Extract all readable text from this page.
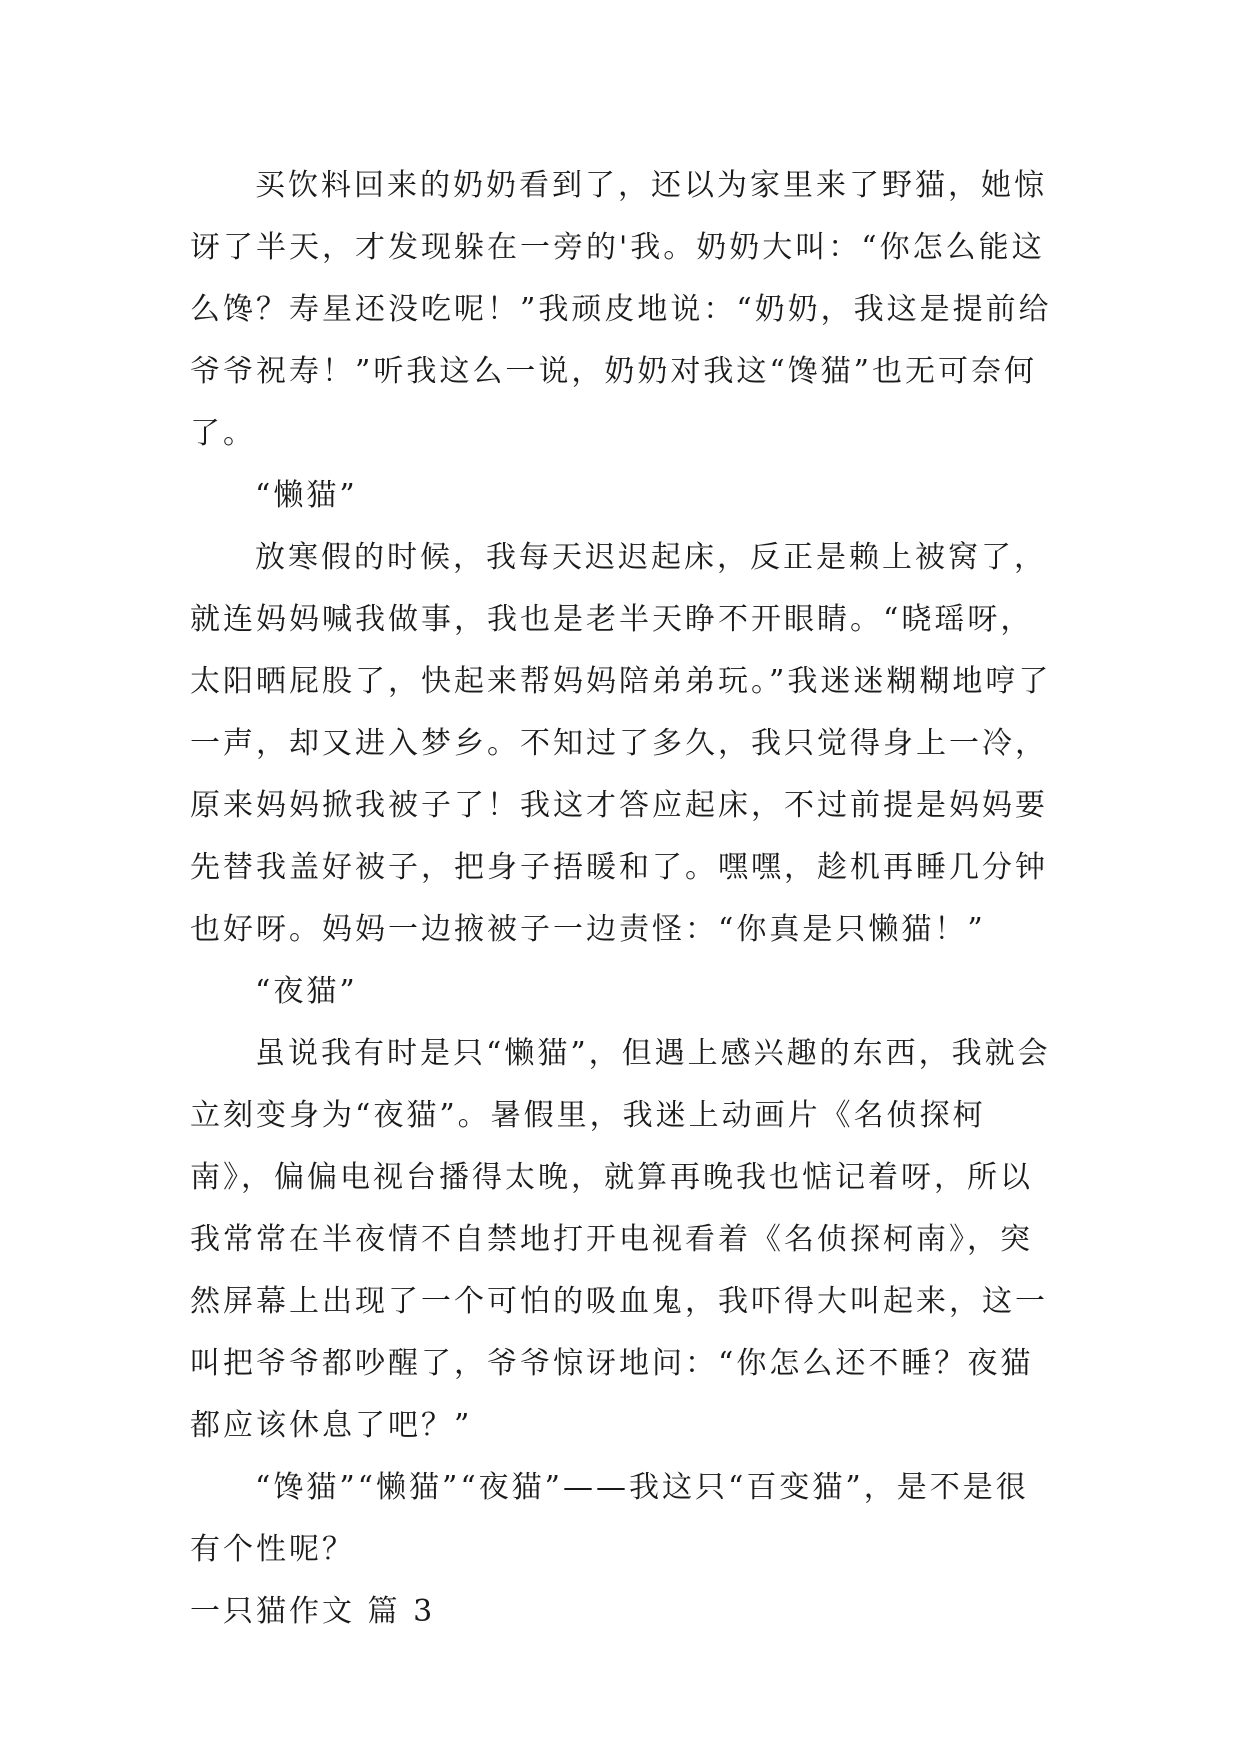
买饮料回来的奶奶看到了，还以为家里来了野猫，她惊讶了半天，才发现躲在一旁的'我。奶奶大叫：“你怎么能这么馋？寿星还没吃呢！”我顽皮地说：“奶奶，我这是提前给爷爷祝寿！”听我这么一说，奶奶对我这“馋猫”也无可奈何了。

“懒猫”

放寒假的时候，我每天迟迟起床，反正是赖上被窝了，就连妈妈喊我做事，我也是老半天睁不开眼睛。“晓瑶呀，太阳晒屁股了，快起来帮妈妈陪弟弟玩。”我迷迷糊糊地哼了一声，却又进入梦乡。不知过了多久，我只觉得身上一冷，原来妈妈掀我被子了！我这才答应起床，不过前提是妈妈要先替我盖好被子，把身子捂暖和了。嘿嘿，趁机再睡几分钟也好呀。妈妈一边掖被子一边责怪：“你真是只懒猫！”

“夜猫”

虽说我有时是只“懒猫”，但遇上感兴趣的东西，我就会立刻变身为“夜猫”。暑假里，我迷上动画片《名侦探柯南》，偏偏电视台播得太晚，就算再晚我也惦记着呀，所以我常常在半夜情不自禁地打开电视看着《名侦探柯南》，突然屏幕上出现了一个可怕的吸血鬼，我吓得大叫起来，这一叫把爷爷都吵醒了，爷爷惊讶地问：“你怎么还不睡？夜猫都应该休息了吧？”

“馋猫”“懒猫”“夜猫”——我这只“百变猫”，是不是很有个性呢？

一只猫作文 篇 3
